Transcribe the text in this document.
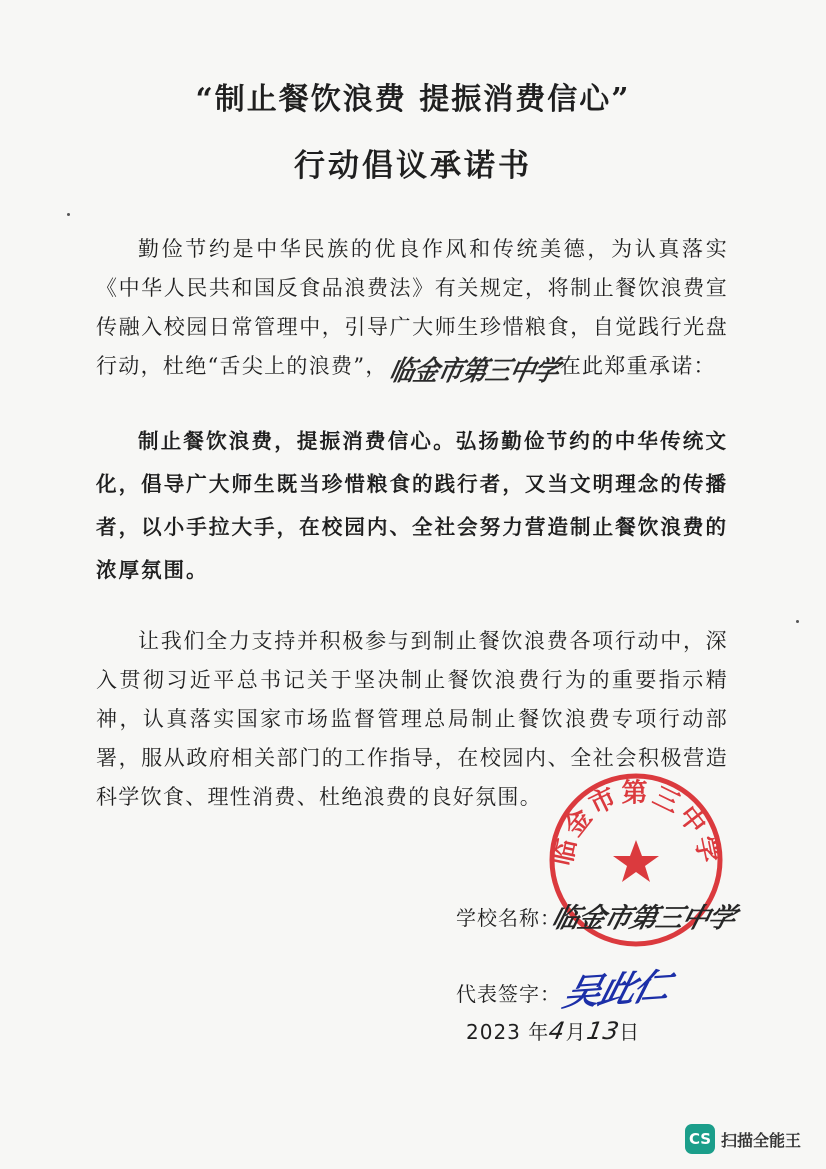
“制止餐饮浪费 提振消费信心”
行动倡议承诺书
勤俭节约是中华民族的优良作风和传统美德，为认真落实《中华人民共和国反食品浪费法》有关规定，将制止餐饮浪费宣传融入校园日常管理中，引导广大师生珍惜粮食，自觉践行光盘行动，杜绝“舌尖上的浪费”，临金市第三中学在此郑重承诺：
制止餐饮浪费，提振消费信心。弘扬勤俭节约的中华传统文化，倡导广大师生既当珍惜粮食的践行者，又当文明理念的传播者，以小手拉大手，在校园内、全社会努力营造制止餐饮浪费的浓厚氛围。
让我们全力支持并积极参与到制止餐饮浪费各项行动中，深入贯彻习近平总书记关于坚决制止餐饮浪费行为的重要指示精神，认真落实国家市场监督管理总局制止餐饮浪费专项行动部署，服从政府相关部门的工作指导，在校园内、全社会积极营造科学饮食、理性消费、杜绝浪费的良好氛围。
临金市第三中学
学校名称：
临金市第三中学
代表签字：
吴此仁
2023 年4月13日
CS 扫描全能王
